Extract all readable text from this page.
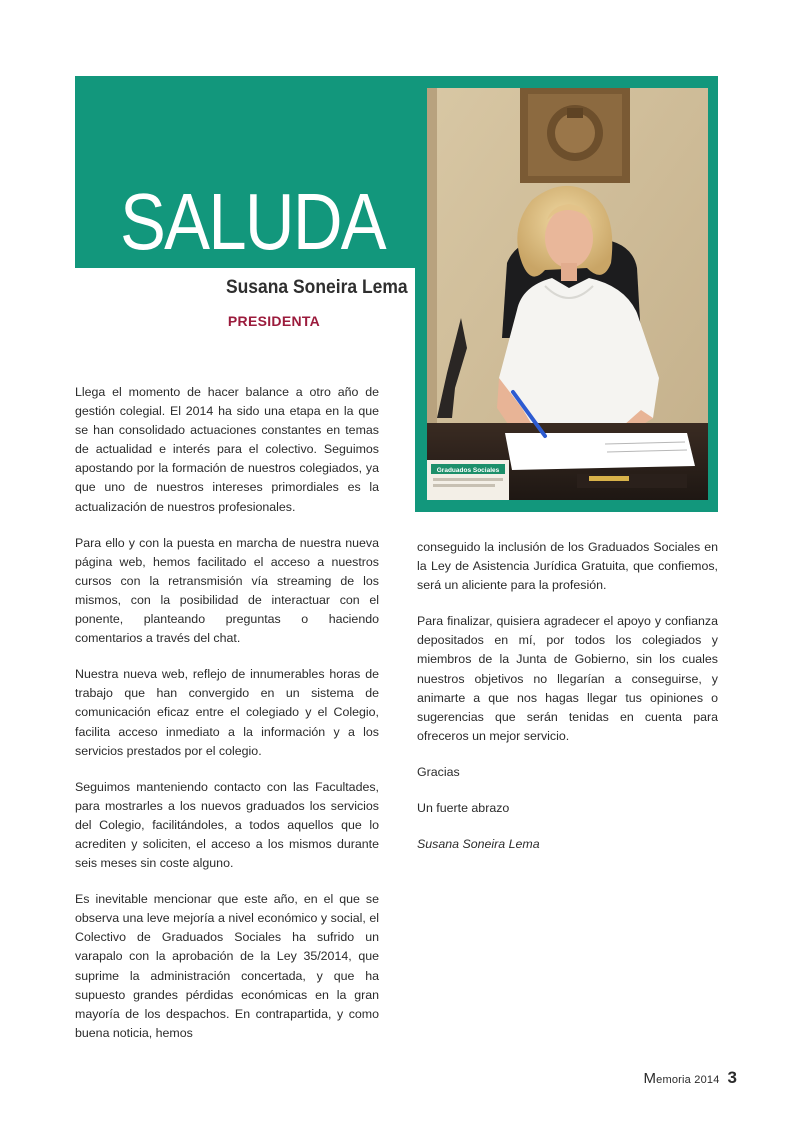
Graduados Sociales
SALUDA
Susana Soneira Lema
PRESIDENTA

Llega el momento de hacer balance a otro año de gestión colegial. El 2014 ha sido una etapa en la que se han consolidado actuaciones constantes en temas de actualidad e interés para el colectivo. Seguimos apostando por la formación de nuestros colegiados, ya que uno de nuestros intereses primordiales es la actualización de nuestros profesionales.

Para ello y con la puesta en marcha de nuestra nueva página web, hemos facilitado el acceso a nuestros cursos con la retransmisión vía streaming de los mismos, con la posibilidad de interactuar con el ponente, planteando preguntas o haciendo comentarios a través del chat.

Nuestra nueva web, reflejo de innumerables horas de trabajo que han convergido en un sistema de comunicación eficaz entre el colegiado y el Colegio, facilita acceso inmediato a la información y a los servicios prestados por el colegio.

Seguimos manteniendo contacto con las Facultades, para mostrarles a los nuevos graduados los servicios del Colegio, facilitándoles, a todos aquellos que lo acrediten y soliciten, el acceso a los mismos durante seis meses sin coste alguno.

Es inevitable mencionar que este año, en el que se observa una leve mejoría a nivel económico y social, el Colectivo de Graduados Sociales ha sufrido un varapalo con la aprobación de la Ley 35/2014, que suprime la administración concertada, y que ha supuesto grandes pérdidas económicas en la gran mayoría de los despachos. En contrapartida, y como buena noticia, hemos

conseguido la inclusión de los Graduados Sociales en la Ley de Asistencia Jurídica Gratuita, que confiemos, será un aliciente para la profesión.

Para finalizar, quisiera agradecer el apoyo y confianza depositados en mí, por todos los colegiados y miembros de la Junta de Gobierno, sin los cuales nuestros objetivos no llegarían a conseguirse, y animarte a que nos hagas llegar tus opiniones o sugerencias que serán tenidas en cuenta para ofreceros un mejor servicio.

Gracias

Un fuerte abrazo

Susana Soneira Lema

Memoria 2014 3
